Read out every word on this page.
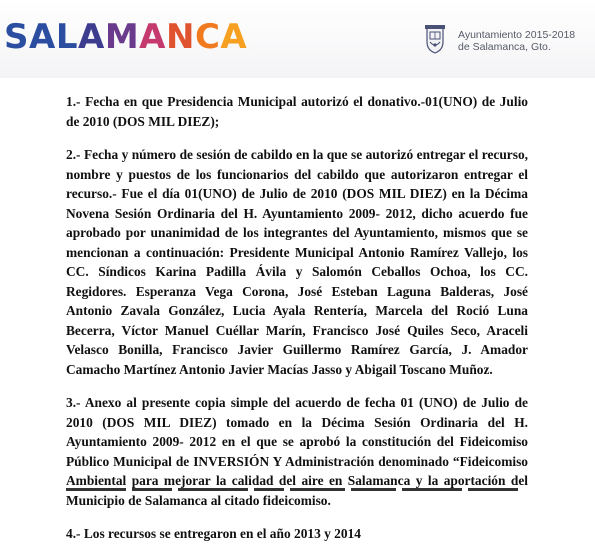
SALAMANCA	Ayuntamiento 2015-2018
de Salamanca, Gto.

1.- Fecha en que Presidencia Municipal autorizó el donativo.-01(UNO) de Julio de 2010 (DOS MIL DIEZ);

2.- Fecha y número de sesión de cabildo en la que se autorizó entregar el recurso, nombre y puestos de los funcionarios del cabildo que autorizaron entregar el recurso.- Fue el día 01(UNO) de Julio de 2010 (DOS MIL DIEZ) en la Décima Novena Sesión Ordinaria del H. Ayuntamiento 2009- 2012, dicho acuerdo fue aprobado por unanimidad de los integrantes del Ayuntamiento, mismos que se mencionan a continuación: Presidente Municipal Antonio Ramírez Vallejo, los CC. Síndicos Karina Padilla Ávila y Salomón Ceballos Ochoa, los CC. Regidores. Esperanza Vega Corona, José Esteban Laguna Balderas, José Antonio Zavala González, Lucia Ayala Rentería, Marcela del Roció Luna Becerra, Víctor Manuel Cuéllar Marín, Francisco José Quiles Seco, Araceli Velasco Bonilla, Francisco Javier Guillermo Ramírez García, J. Amador Camacho Martínez Antonio Javier Macías Jasso y Abigail Toscano Muñoz.

3.- Anexo al presente copia simple del acuerdo de fecha 01 (UNO) de Julio de 2010 (DOS MIL DIEZ) tomado en la Décima Sesión Ordinaria del H. Ayuntamiento 2009- 2012 en el que se aprobó la constitución del Fideicomiso Público Municipal de INVERSIÓN Y Administración denominado “Fideicomiso Ambiental para mejorar la calidad del aire en Salamanca y la aportación del Municipio de Salamanca al citado fideicomiso.

4.- Los recursos se entregaron en el año 2013 y 2014
